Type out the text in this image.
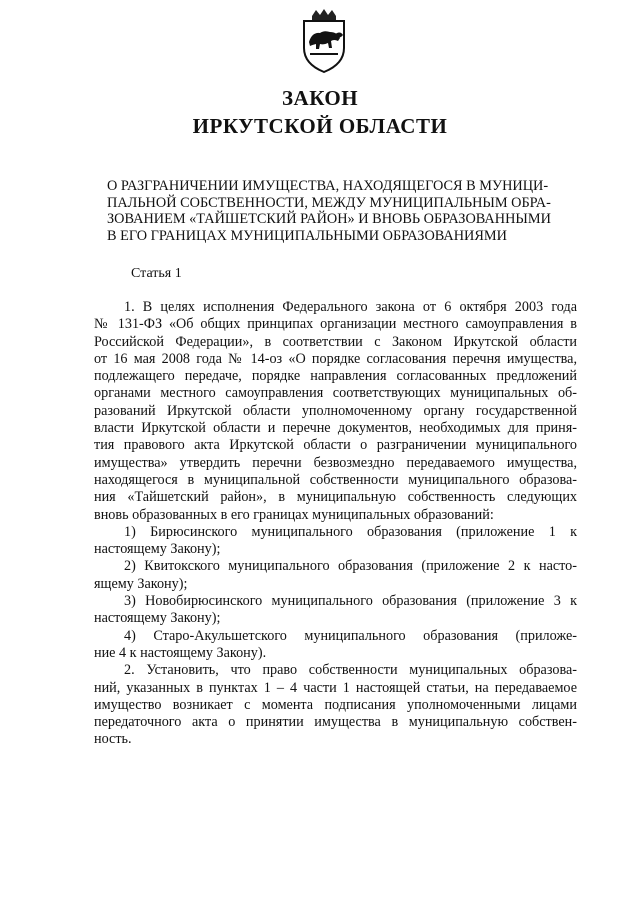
ЗАКОН
ИРКУТСКОЙ ОБЛАСТИ

О РАЗГРАНИЧЕНИИ ИМУЩЕСТВА, НАХОДЯЩЕГОСЯ В МУНИЦИ-
ПАЛЬНОЙ СОБСТВЕННОСТИ, МЕЖДУ МУНИЦИПАЛЬНЫМ ОБРА-
ЗОВАНИЕМ «ТАЙШЕТСКИЙ РАЙОН» И ВНОВЬ ОБРАЗОВАННЫМИ
В ЕГО ГРАНИЦАХ МУНИЦИПАЛЬНЫМИ ОБРАЗОВАНИЯМИ

Статья 1

1. В целях исполнения Федерального закона от 6 октября 2003 года
№ 131-ФЗ «Об общих принципах организации местного самоуправления в
Российской Федерации», в соответствии с Законом Иркутской области
от 16 мая 2008 года № 14-оз «О порядке согласования перечня имущества,
подлежащего передаче, порядке направления согласованных предложений
органами местного самоуправления соответствующих муниципальных об-
разований Иркутской области уполномоченному органу государственной
власти Иркутской области и перечне документов, необходимых для приня-
тия правового акта Иркутской области о разграничении муниципального
имущества» утвердить перечни безвозмездно передаваемого имущества,
находящегося в муниципальной собственности муниципального образова-
ния «Тайшетский район», в муниципальную собственность следующих
вновь образованных в его границах муниципальных образований:
1) Бирюсинского муниципального образования (приложение 1 к
настоящему Закону);
2) Квитокского муниципального образования (приложение 2 к насто-
ящему Закону);
3) Новобирюсинского муниципального образования (приложение 3 к
настоящему Закону);
4) Старо-Акульшетского муниципального образования (приложе-
ние 4 к настоящему Закону).
2. Установить, что право собственности муниципальных образова-
ний, указанных в пунктах 1 – 4 части 1 настоящей статьи, на передаваемое
имущество возникает с момента подписания уполномоченными лицами
передаточного акта о принятии имущества в муниципальную собствен-
ность.
